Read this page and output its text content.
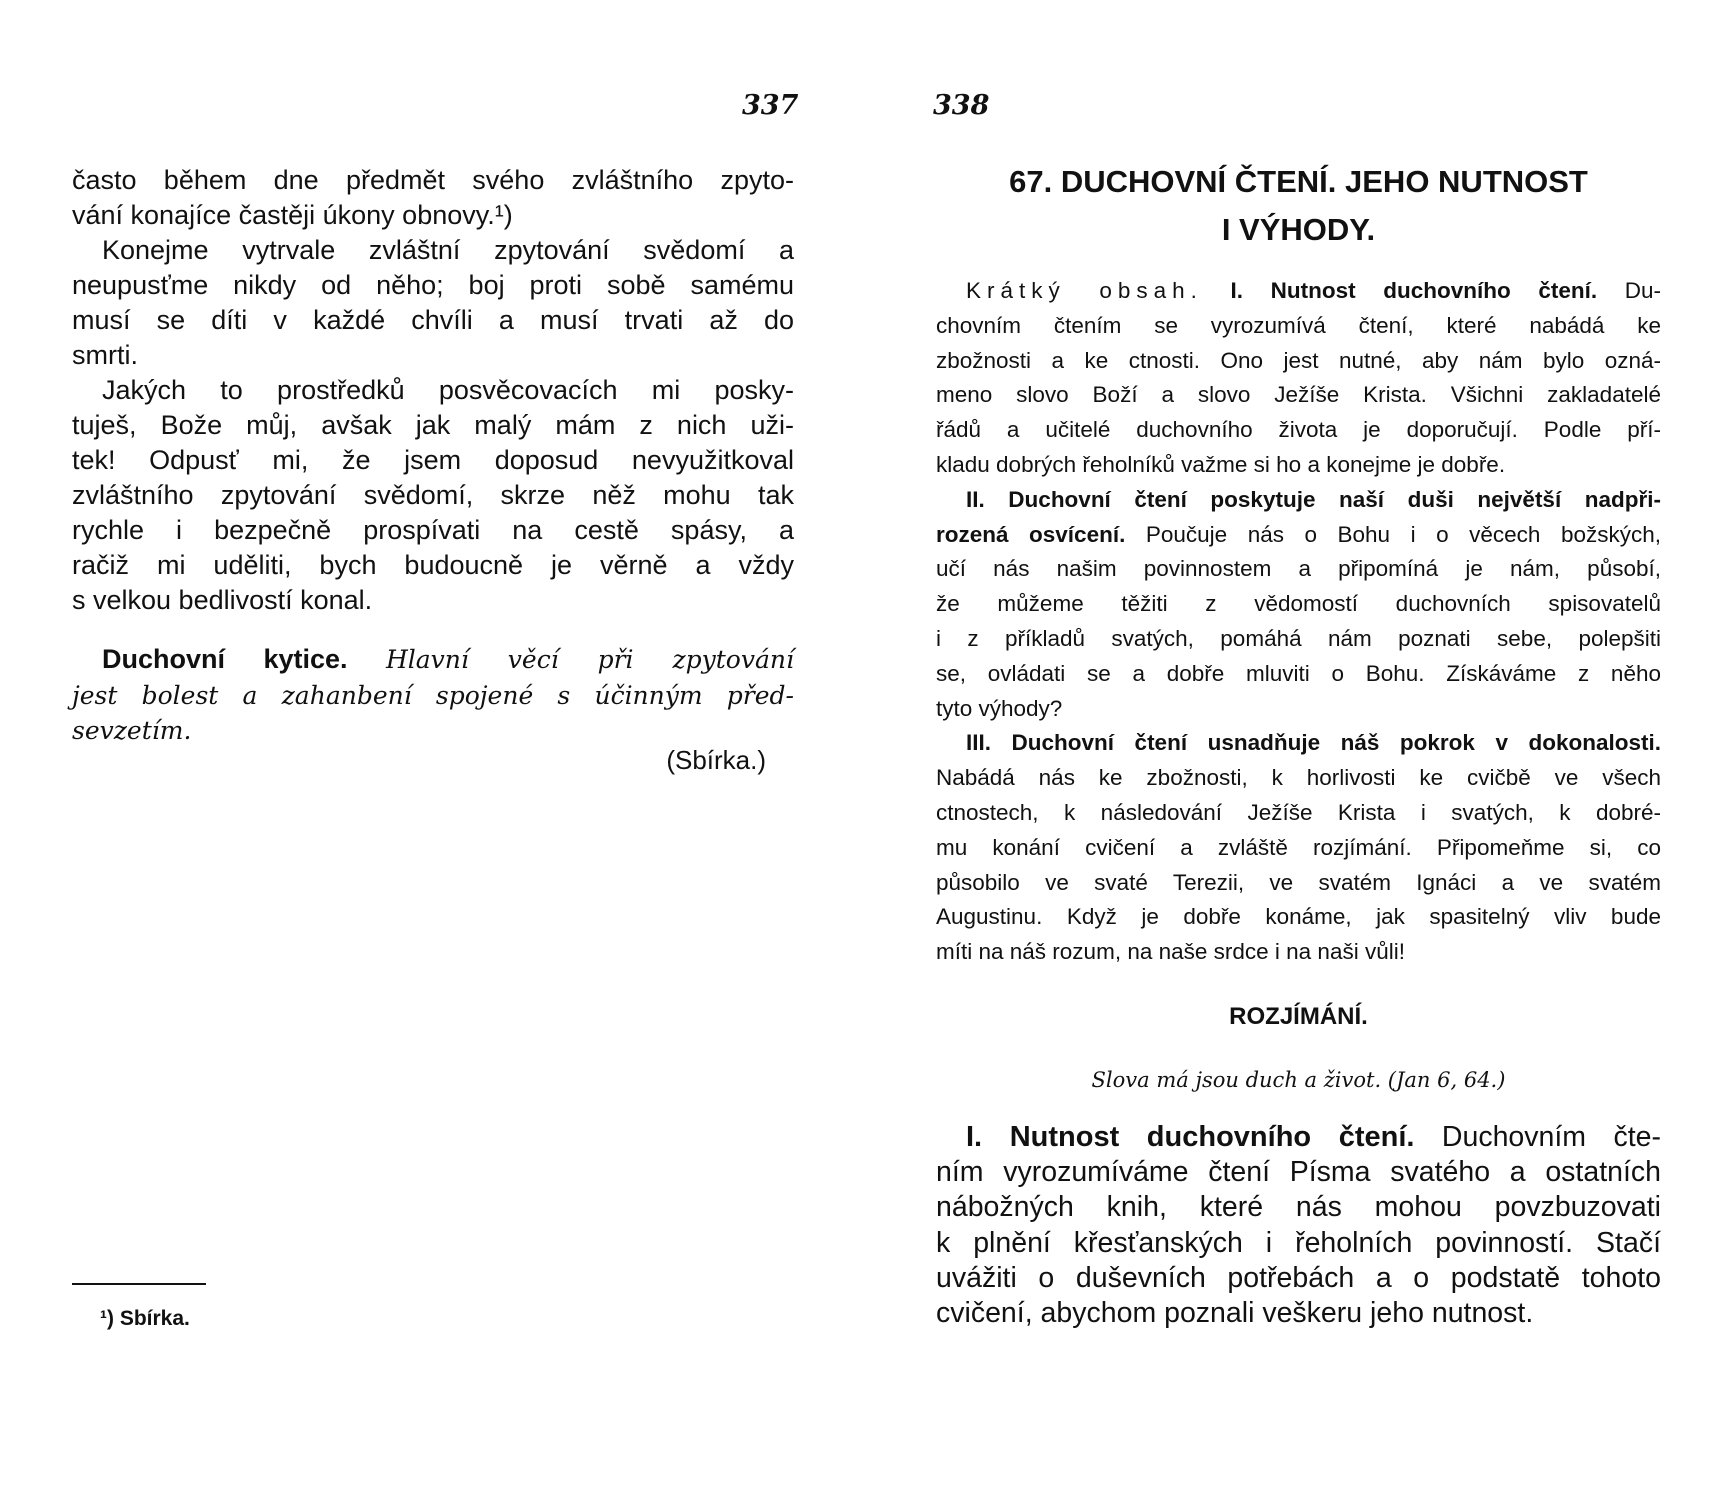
337
často během dne předmět svého zvláštního zpyto-
vání konajíce častěji úkony obnovy.¹)
Konejme vytrvale zvláštní zpytování svědomí a
neupusťme nikdy od něho; boj proti sobě samému
musí se díti v každé chvíli a musí trvati až do
smrti.
Jakých to prostředků posvěcovacích mi posky-
tuješ, Bože můj, avšak jak malý mám z nich uži-
tek! Odpusť mi, že jsem doposud nevyužitkoval
zvláštního zpytování svědomí, skrze něž mohu tak
rychle i bezpečně prospívati na cestě spásy, a
račiž mi uděliti, bych budoucně je věrně a vždy
s velkou bedlivostí konal.
Duchovní kytice. Hlavní věcí při zpytování
jest bolest a zahanbení spojené s účinným před-
sevzetím.
(Sbírka.)
¹) Sbírka.
338
67. DUCHOVNÍ ČTENÍ. JEHO NUTNOST
I VÝHODY.
Krátký obsah. I. Nutnost duchovního čtení. Du-
chovním čtením se vyrozumívá čtení, které nabádá ke
zbožnosti a ke ctnosti. Ono jest nutné, aby nám bylo ozná-
meno slovo Boží a slovo Ježíše Krista. Všichni zakladatelé
řádů a učitelé duchovního života je doporučují. Podle pří-
kladu dobrých řeholníků važme si ho a konejme je dobře.
II. Duchovní čtení poskytuje naší duši největší nadpři-
rozená osvícení. Poučuje nás o Bohu i o věcech božských,
učí nás našim povinnostem a připomíná je nám, působí,
že můžeme těžiti z vědomostí duchovních spisovatelů
i z příkladů svatých, pomáhá nám poznati sebe, polepšiti
se, ovládati se a dobře mluviti o Bohu. Získáváme z něho
tyto výhody?
III. Duchovní čtení usnadňuje náš pokrok v dokonalosti.
Nabádá nás ke zbožnosti, k horlivosti ke cvičbě ve všech
ctnostech, k následování Ježíše Krista i svatých, k dobré-
mu konání cvičení a zvláště rozjímání. Připomeňme si, co
působilo ve svaté Terezii, ve svatém Ignáci a ve svatém
Augustinu. Když je dobře konáme, jak spasitelný vliv bude
míti na náš rozum, na naše srdce i na naši vůli!
ROZJÍMÁNÍ.
Slova má jsou duch a život. (Jan 6, 64.)
I. Nutnost duchovního čtení. Duchovním čte-
ním vyrozumíváme čtení Písma svatého a ostatních
nábožných knih, které nás mohou povzbuzovati
k plnění křesťanských i řeholních povinností. Stačí
uvážiti o duševních potřebách a o podstatě tohoto
cvičení, abychom poznali veškeru jeho nutnost.
